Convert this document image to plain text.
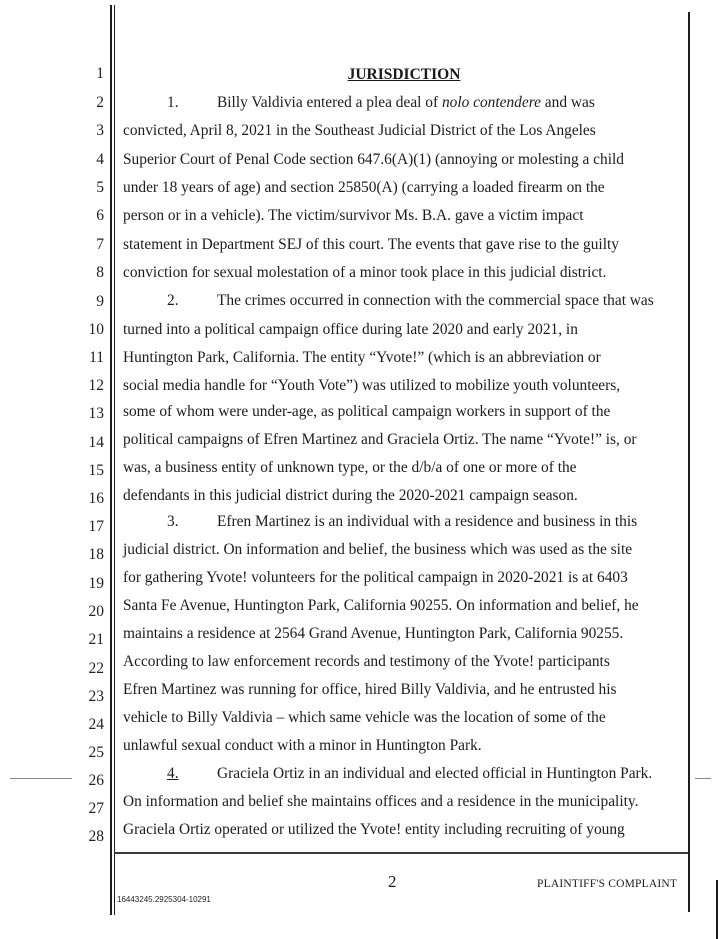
1
2
3
4
5
6
7
8
9
10
11
12
13
14
15
16
17
18
19
20
21
22
23
24
25
26
27
28
JURISDICTION
1. Billy Valdivia entered a plea deal of nolo contendere and was
convicted, April 8, 2021 in the Southeast Judicial District of the Los Angeles
Superior Court of Penal Code section 647.6(A)(1) (annoying or molesting a child
under 18 years of age) and section 25850(A) (carrying a loaded firearm on the
person or in a vehicle). The victim/survivor Ms. B.A. gave a victim impact
statement in Department SEJ of this court. The events that gave rise to the guilty
conviction for sexual molestation of a minor took place in this judicial district.
2. The crimes occurred in connection with the commercial space that was
turned into a political campaign office during late 2020 and early 2021, in
Huntington Park, California. The entity “Yvote!” (which is an abbreviation or
social media handle for “Youth Vote”) was utilized to mobilize youth volunteers,
some of whom were under-age, as political campaign workers in support of the
political campaigns of Efren Martinez and Graciela Ortiz. The name “Yvote!” is, or
was, a business entity of unknown type, or the d/b/a of one or more of the
defendants in this judicial district during the 2020-2021 campaign season.
3. Efren Martinez is an individual with a residence and business in this
judicial district. On information and belief, the business which was used as the site
for gathering Yvote! volunteers for the political campaign in 2020-2021 is at 6403
Santa Fe Avenue, Huntington Park, California 90255. On information and belief, he
maintains a residence at 2564 Grand Avenue, Huntington Park, California 90255.
According to law enforcement records and testimony of the Yvote! participants
Efren Martinez was running for office, hired Billy Valdivia, and he entrusted his
vehicle to Billy Valdivia – which same vehicle was the location of some of the
unlawful sexual conduct with a minor in Huntington Park.
4. Graciela Ortiz in an individual and elected official in Huntington Park.
On information and belief she maintains offices and a residence in the municipality.
Graciela Ortiz operated or utilized the Yvote! entity including recruiting of young
2	PLAINTIFF'S COMPLAINT
16443245.2925304-10291
